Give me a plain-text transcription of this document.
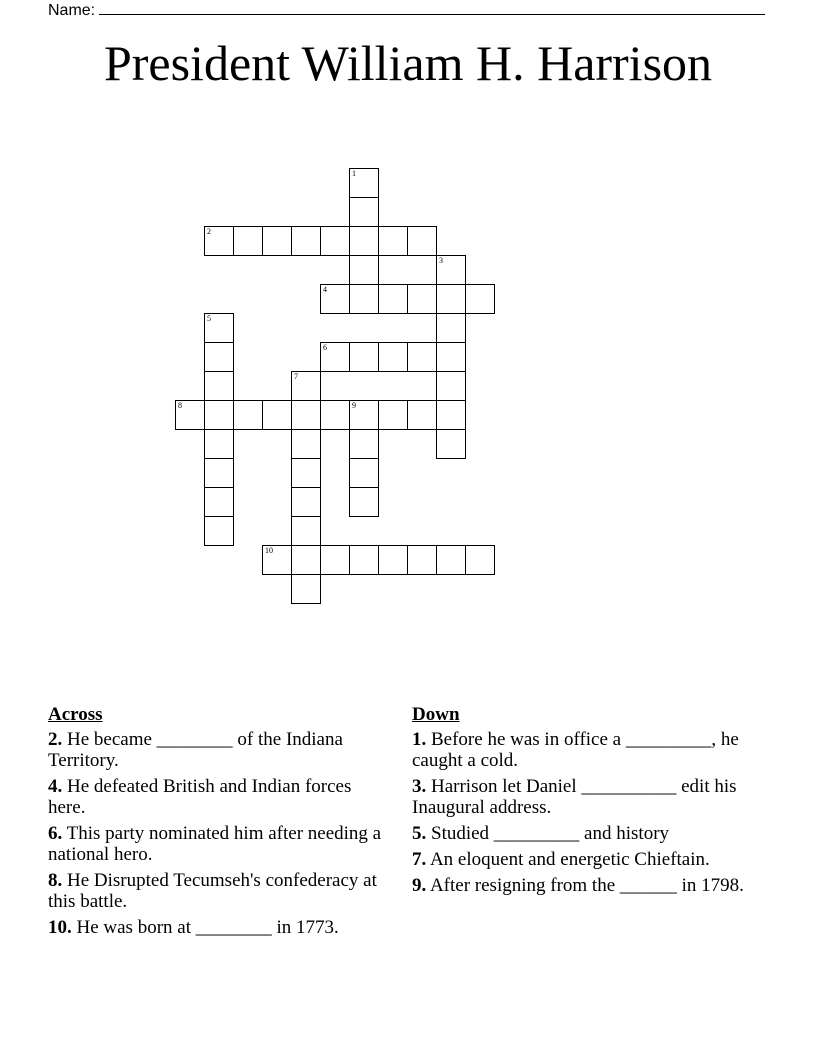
Name:
President William H. Harrison
1
2
3
4
5
6
7
8	9
10
Across
2. He became ________ of the Indiana Territory.
4. He defeated British and Indian forces here.
6. This party nominated him after needing a national hero.
8. He Disrupted Tecumseh's confederacy at this battle.
10. He was born at ________ in 1773.
Down
1. Before he was in office a _________, he caught a cold.
3. Harrison let Daniel __________ edit his Inaugural address.
5. Studied _________ and history
7. An eloquent and energetic Chieftain.
9. After resigning from the ______ in 1798.
